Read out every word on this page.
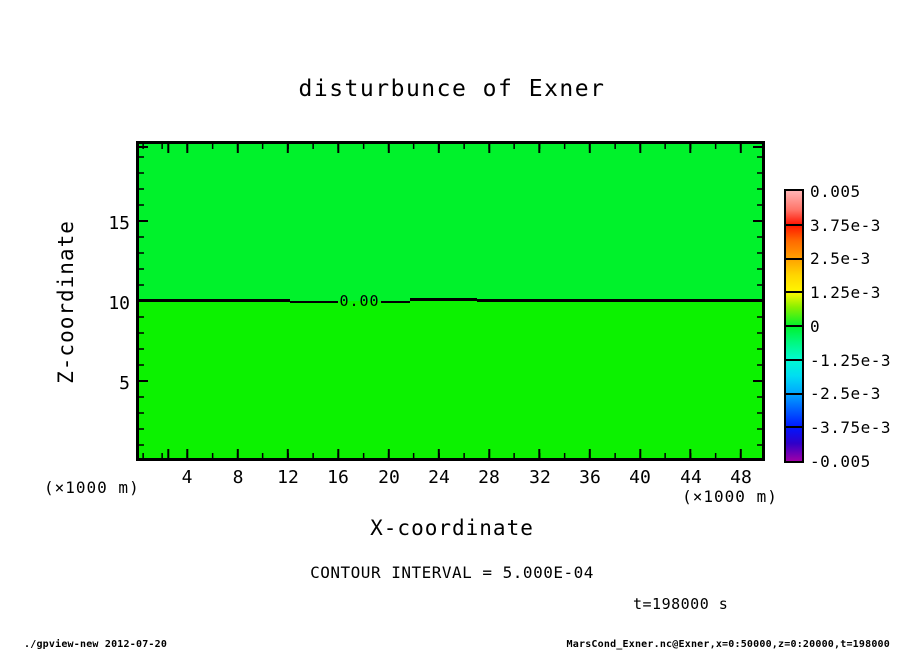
disturbunce of Exner
0.00
15
10
5
4	8	12	16	20	24	28	32	36	40	44	48
Z-coordinate
X-coordinate
(×1000 m)	(×1000 m)
0.005
3.75e-3
2.5e-3
1.25e-3
0
-1.25e-3
-2.5e-3
-3.75e-3
-0.005
CONTOUR INTERVAL = 5.000E-04
t=198000 s
./gpview-new 2012-07-20	MarsCond_Exner.nc@Exner,x=0:50000,z=0:20000,t=198000
